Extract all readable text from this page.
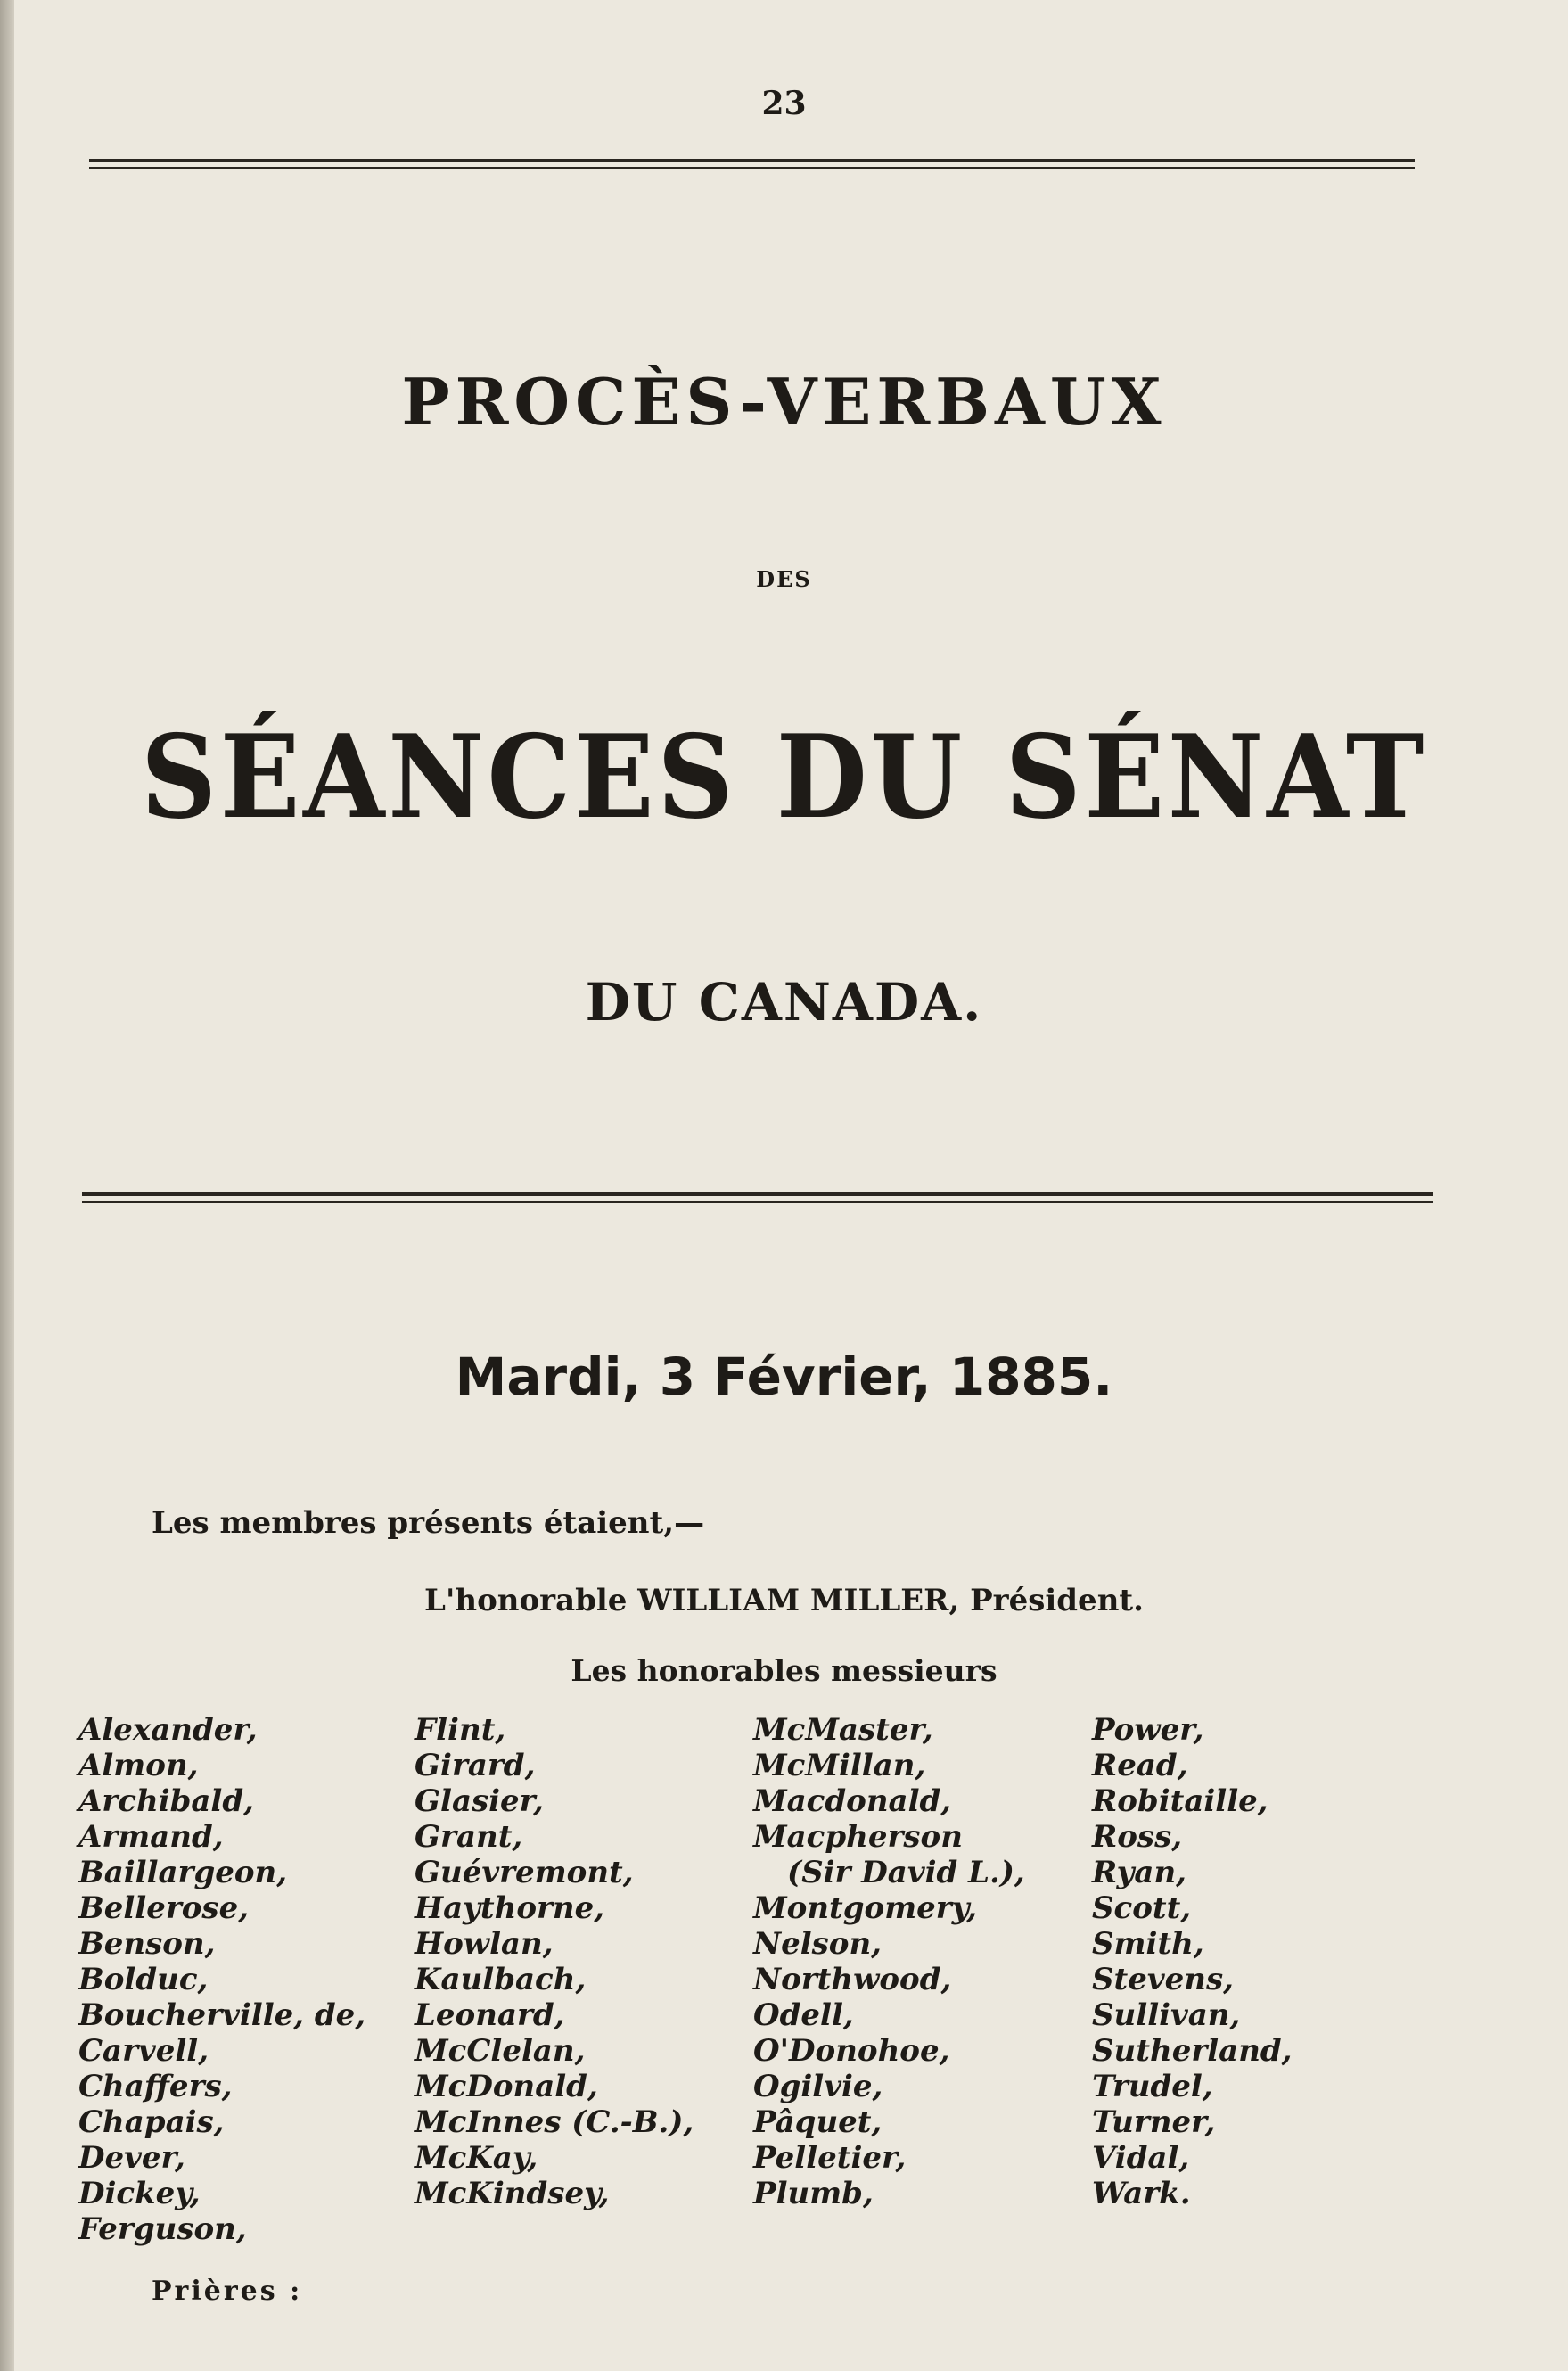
23
PROCÈS-VERBAUX
DES
SÉANCES DU SÉNAT
DU CANADA.
Mardi, 3 Février, 1885.
Les membres présents étaient,—
L'honorable WILLIAM MILLER, Président.
Les honorables messieurs
Alexander,
Almon,
Archibald,
Armand,
Baillargeon,
Bellerose,
Benson,
Bolduc,
Boucherville, de,
Carvell,
Chaffers,
Chapais,
Dever,
Dickey,
Ferguson,
Flint,
Girard,
Glasier,
Grant,
Guévremont,
Haythorne,
Howlan,
Kaulbach,
Leonard,
McClelan,
McDonald,
McInnes (C.-B.),
McKay,
McKindsey,
McMaster,
McMillan,
Macdonald,
Macpherson
(Sir David L.),
Montgomery,
Nelson,
Northwood,
Odell,
O'Donohoe,
Ogilvie,
Pâquet,
Pelletier,
Plumb,
Power,
Read,
Robitaille,
Ross,
Ryan,
Scott,
Smith,
Stevens,
Sullivan,
Sutherland,
Trudel,
Turner,
Vidal,
Wark.
Prières :
